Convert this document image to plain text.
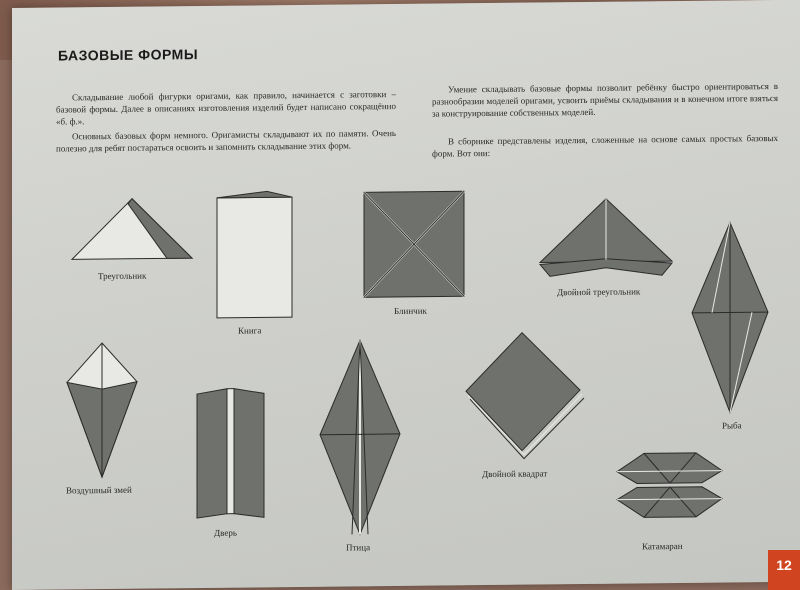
БАЗОВЫЕ ФОРМЫ

Складывание любой фигурки оригами, как правило, начинается с заготовки – базовой формы. Далее в описаниях изготовления изделий будет написано сокращённо «б. ф.».

Основных базовых форм немного. Оригамисты складывают их по памяти. Очень полезно для ребят постараться освоить и запомнить складывание этих форм.

Умение складывать базовые формы позволит ребёнку быстро ориентироваться в разнообразии моделей оригами, усвоить приёмы складывания и в конечном итоге взяться за конструирование собственных моделей.

В сборнике представлены изделия, сложенные на основе самых простых базовых форм. Вот они:

Треугольник
Книга
Блинчик
Двойной треугольник
Рыба
Воздушный змей
Дверь
Птица
Двойной квадрат
Катамаран
12
